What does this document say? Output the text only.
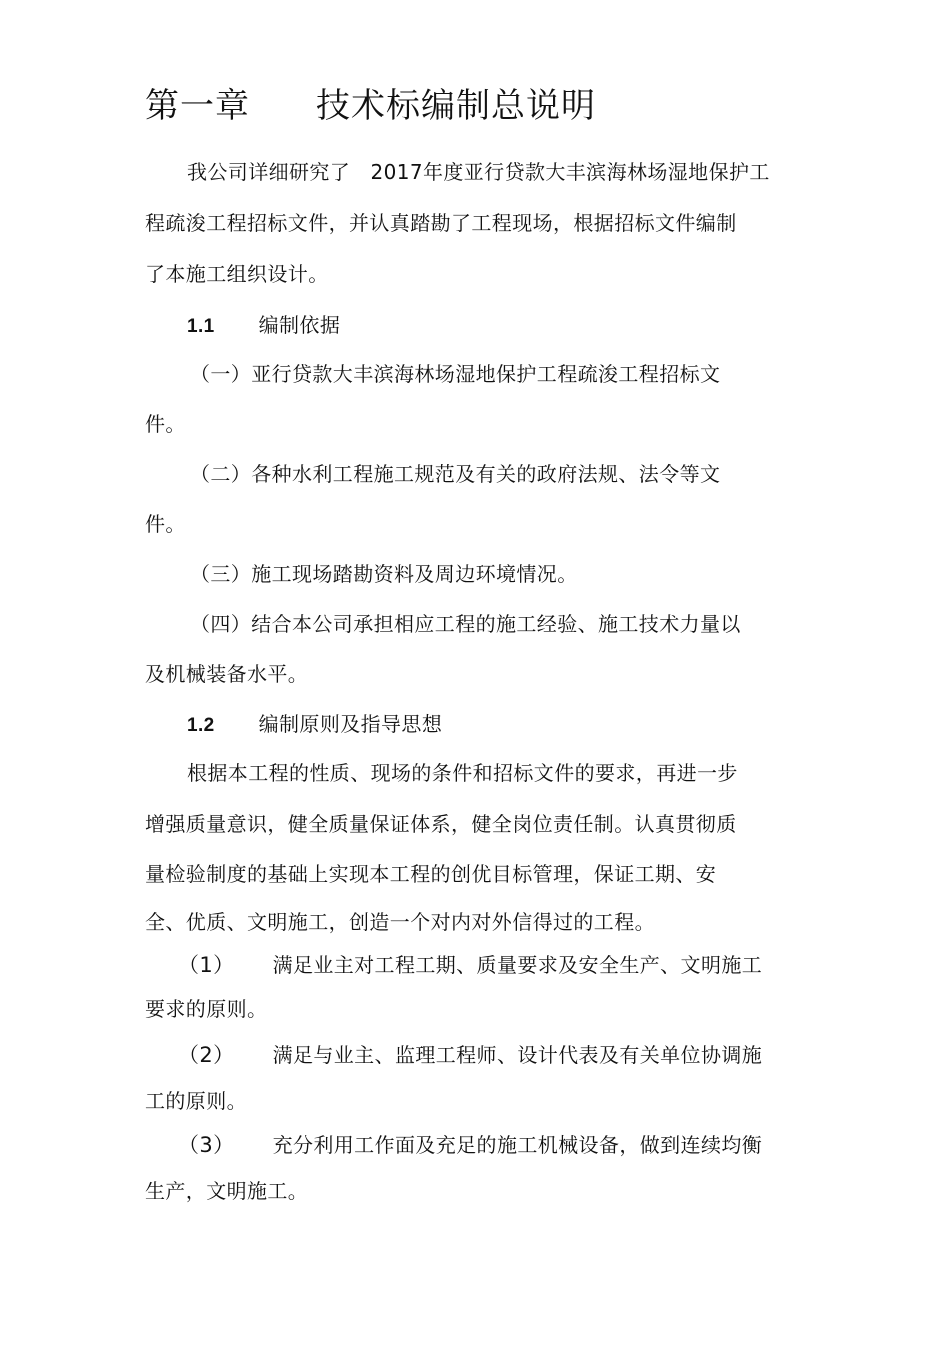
第一章 技术标编制总说明
我公司详细研究了   2017年度亚行贷款大丰滨海林场湿地保护工
程疏浚工程招标文件，并认真踏勘了工程现场，根据招标文件编制
了本施工组织设计。
1.1 编制依据
（一）亚行贷款大丰滨海林场湿地保护工程疏浚工程招标文
件。
（二）各种水利工程施工规范及有关的政府法规、法令等文
件。
（三）施工现场踏勘资料及周边环境情况。
（四）结合本公司承担相应工程的施工经验、施工技术力量以
及机械装备水平。
1.2 编制原则及指导思想
根据本工程的性质、现场的条件和招标文件的要求，再进一步
增强质量意识，健全质量保证体系，健全岗位责任制。认真贯彻质
量检验制度的基础上实现本工程的创优目标管理，保证工期、安
全、优质、文明施工，创造一个对内对外信得过的工程。
（1） 满足业主对工程工期、质量要求及安全生产、文明施工
要求的原则。
（2） 满足与业主、监理工程师、设计代表及有关单位协调施
工的原则。
（3） 充分利用工作面及充足的施工机械设备，做到连续均衡
生产，文明施工。
